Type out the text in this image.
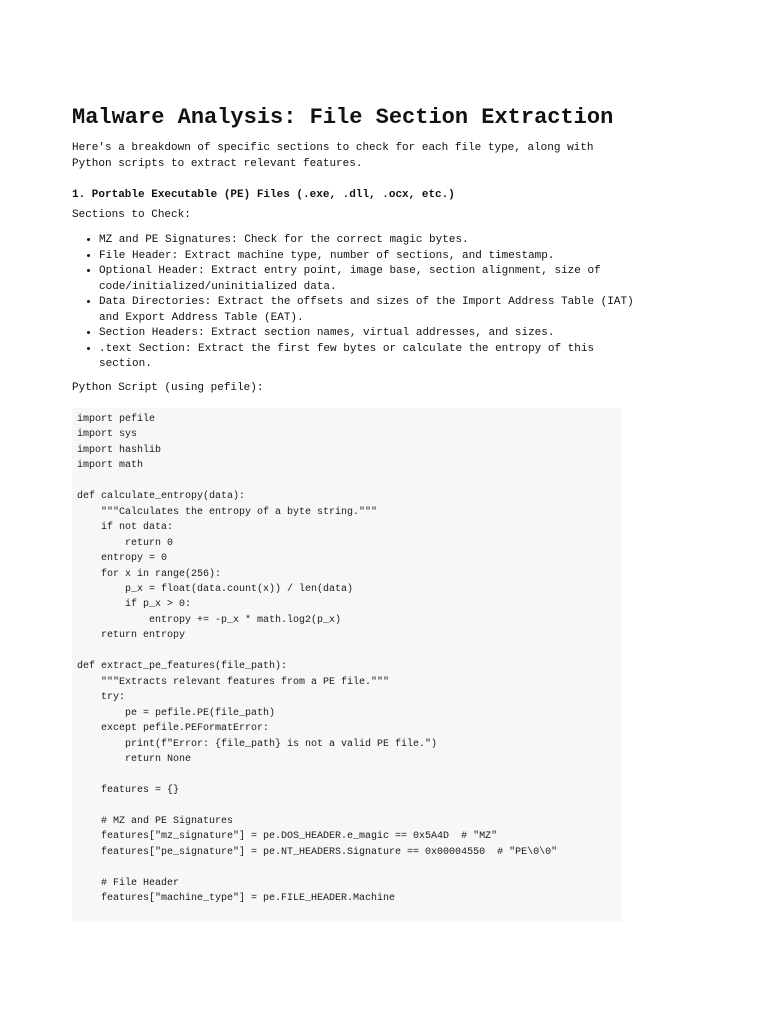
Malware Analysis: File Section Extraction

Here's a breakdown of specific sections to check for each file type, along with Python scripts to extract relevant features.

1. Portable Executable (PE) Files (.exe, .dll, .ocx, etc.)

Sections to Check:

• MZ and PE Signatures: Check for the correct magic bytes.
• File Header: Extract machine type, number of sections, and timestamp.
• Optional Header: Extract entry point, image base, section alignment, size of code/initialized/uninitialized data.
• Data Directories: Extract the offsets and sizes of the Import Address Table (IAT) and Export Address Table (EAT).
• Section Headers: Extract section names, virtual addresses, and sizes.
• .text Section: Extract the first few bytes or calculate the entropy of this section.

Python Script (using pefile):

import pefile
import sys
import hashlib
import math

def calculate_entropy(data):
"""Calculates the entropy of a byte string."""
if not data:
return 0
entropy = 0
for x in range(256):
p_x = float(data.count(x)) / len(data)
if p_x > 0:
entropy += -p_x * math.log2(p_x)
return entropy

def extract_pe_features(file_path):
"""Extracts relevant features from a PE file."""
try:
pe = pefile.PE(file_path)
except pefile.PEFormatError:
print(f"Error: {file_path} is not a valid PE file.")
return None

features = {}

# MZ and PE Signatures
features["mz_signature"] = pe.DOS_HEADER.e_magic == 0x5A4D  # "MZ"
features["pe_signature"] = pe.NT_HEADERS.Signature == 0x00004550  # "PE\0\0"

# File Header
features["machine_type"] = pe.FILE_HEADER.Machine
